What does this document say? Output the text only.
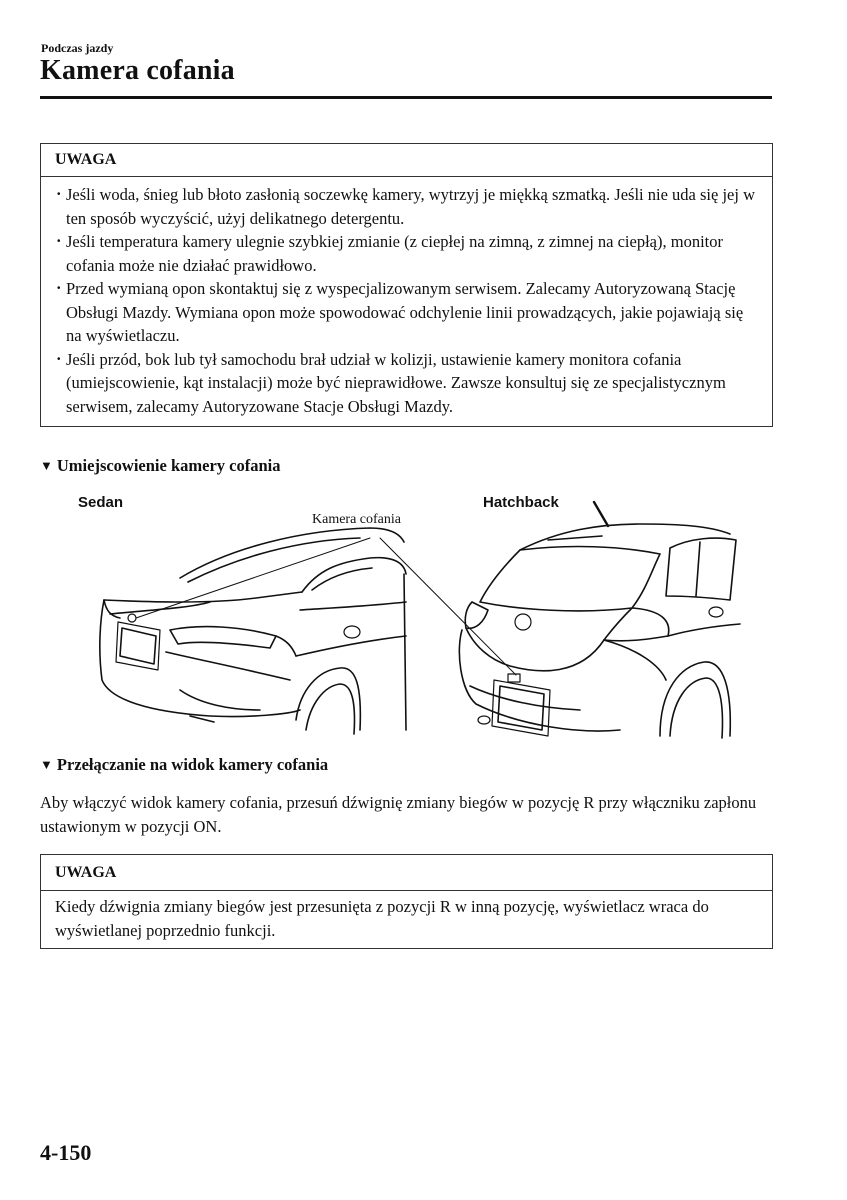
Podczas jazdy
Kamera cofania
UWAGA
· Jeśli woda, śnieg lub błoto zasłonią soczewkę kamery, wytrzyj je miękką szmatką. Jeśli nie uda się jej w ten sposób wyczyścić, użyj delikatnego detergentu.
· Jeśli temperatura kamery ulegnie szybkiej zmianie (z ciepłej na zimną, z zimnej na ciepłą), monitor cofania może nie działać prawidłowo.
· Przed wymianą opon skontaktuj się z wyspecjalizowanym serwisem. Zalecamy Autoryzowaną Stację Obsługi Mazdy. Wymiana opon może spowodować odchylenie linii prowadzących, jakie pojawiają się na wyświetlaczu.
· Jeśli przód, bok lub tył samochodu brał udział w kolizji, ustawienie kamery monitora cofania (umiejscowienie, kąt instalacji) może być nieprawidłowe. Zawsze konsultuj się ze specjalistycznym serwisem, zalecamy Autoryzowane Stacje Obsługi Mazdy.
▼ Umiejscowienie kamery cofania
Sedan	Hatchback
Kamera cofania
▼ Przełączanie na widok kamery cofania
Aby włączyć widok kamery cofania, przesuń dźwignię zmiany biegów w pozycję R przy włączniku zapłonu ustawionym w pozycji ON.
UWAGA
Kiedy dźwignia zmiany biegów jest przesunięta z pozycji R w inną pozycję, wyświetlacz wraca do wyświetlanej poprzednio funkcji.
4-150
